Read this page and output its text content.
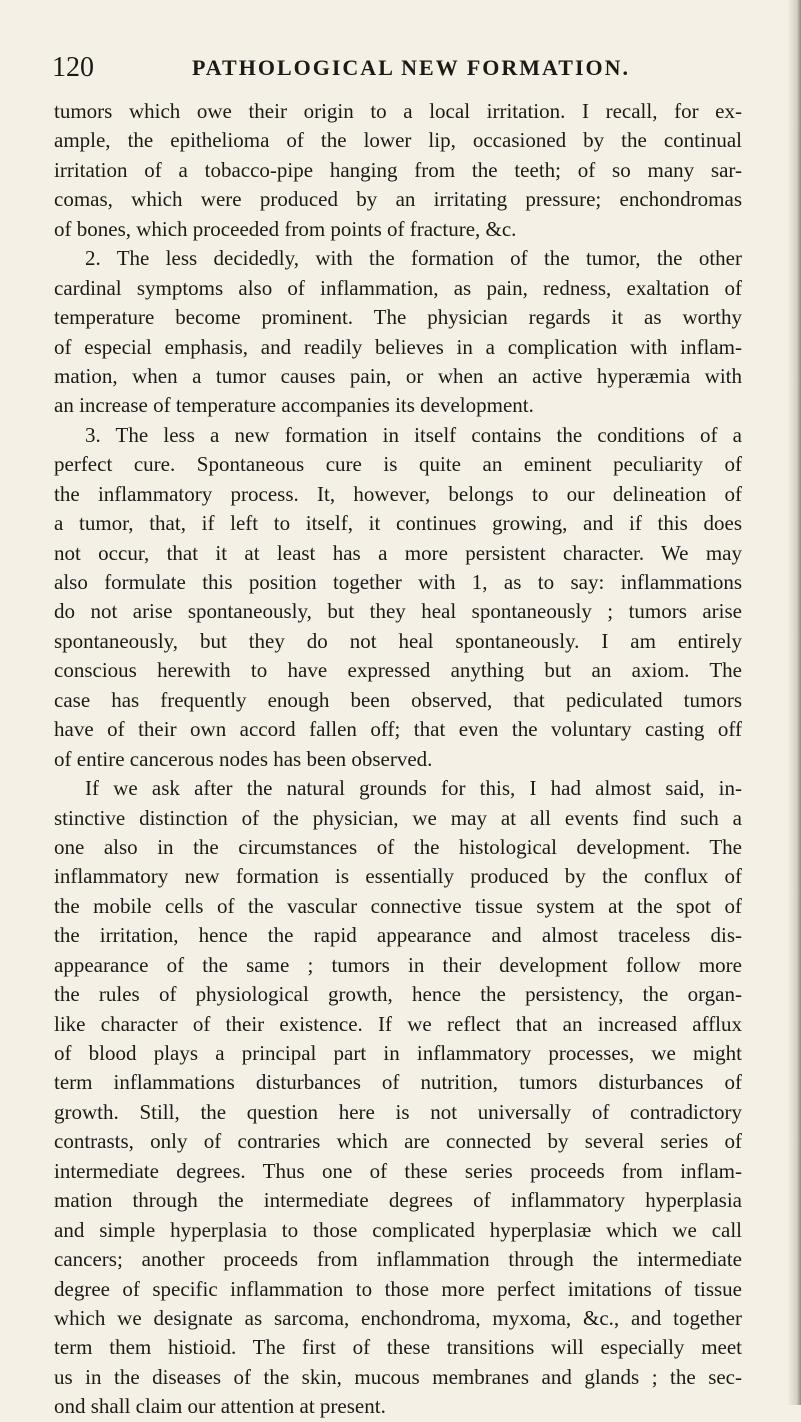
120	PATHOLOGICAL NEW FORMATION.
tumors which owe their origin to a local irritation. I recall, for ex-
ample, the epithelioma of the lower lip, occasioned by the continual
irritation of a tobacco-pipe hanging from the teeth; of so many sar-
comas, which were produced by an irritating pressure; enchondromas
of bones, which proceeded from points of fracture, &c.
2. The less decidedly, with the formation of the tumor, the other
cardinal symptoms also of inflammation, as pain, redness, exaltation of
temperature become prominent. The physician regards it as worthy
of especial emphasis, and readily believes in a complication with inflam-
mation, when a tumor causes pain, or when an active hyperæmia with
an increase of temperature accompanies its development.
3. The less a new formation in itself contains the conditions of a
perfect cure. Spontaneous cure is quite an eminent peculiarity of
the inflammatory process. It, however, belongs to our delineation of
a tumor, that, if left to itself, it continues growing, and if this does
not occur, that it at least has a more persistent character. We may
also formulate this position together with 1, as to say: inflammations
do not arise spontaneously, but they heal spontaneously ; tumors arise
spontaneously, but they do not heal spontaneously. I am entirely
conscious herewith to have expressed anything but an axiom. The
case has frequently enough been observed, that pediculated tumors
have of their own accord fallen off; that even the voluntary casting off
of entire cancerous nodes has been observed.
If we ask after the natural grounds for this, I had almost said, in-
stinctive distinction of the physician, we may at all events find such a
one also in the circumstances of the histological development. The
inflammatory new formation is essentially produced by the conflux of
the mobile cells of the vascular connective tissue system at the spot of
the irritation, hence the rapid appearance and almost traceless dis-
appearance of the same ; tumors in their development follow more
the rules of physiological growth, hence the persistency, the organ-
like character of their existence. If we reflect that an increased afflux
of blood plays a principal part in inflammatory processes, we might
term inflammations disturbances of nutrition, tumors disturbances of
growth. Still, the question here is not universally of contradictory
contrasts, only of contraries which are connected by several series of
intermediate degrees. Thus one of these series proceeds from inflam-
mation through the intermediate degrees of inflammatory hyperplasia
and simple hyperplasia to those complicated hyperplasiæ which we call
cancers; another proceeds from inflammation through the intermediate
degree of specific inflammation to those more perfect imitations of tissue
which we designate as sarcoma, enchondroma, myxoma, &c., and together
term them histioid. The first of these transitions will especially meet
us in the diseases of the skin, mucous membranes and glands ; the sec-
ond shall claim our attention at present.
